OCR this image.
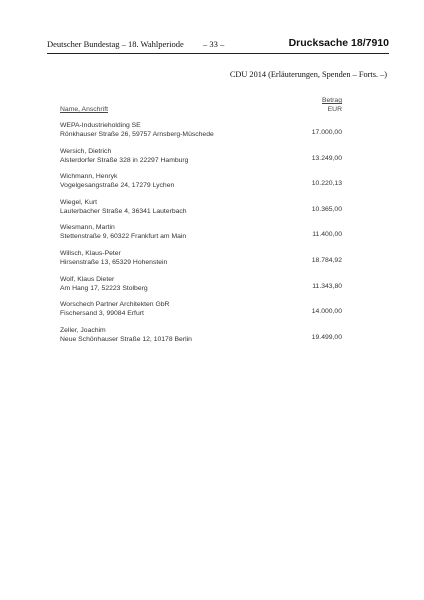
Deutscher Bundestag – 18. Wahlperiode – 33 –	Drucksache 18/7910
CDU 2014 (Erläuterungen, Spenden – Forts. –)
Name, Anschrift
Betrag
EUR
WEPA-Industrieholding SE
Rönkhauser Straße 26, 59757 Arnsberg-Müschede	17.000,00
Wersich, Dietrich
Alsterdorfer Straße 328 in 22297 Hamburg	13.249,00
Wichmann, Henryk
Vogelgesangstraße 24, 17279 Lychen	10.220,13
Wiegel, Kurt
Lauterbacher Straße 4, 36341 Lauterbach	10.365,00
Wiesmann, Martin
Stettenstraße 9, 60322 Frankfurt am Main	11.400,00
Willsch, Klaus-Peter
Hirsenstraße 13, 65329 Hohenstein	18.784,92
Wolf, Klaus Dieter
Am Hang 17, 52223 Stolberg	11.343,80
Worschech Partner Architekten GbR
Fischersand 3, 99084 Erfurt	14.000,00
Zeller, Joachim
Neue Schönhauser Straße 12, 10178 Berlin	19.499,00
